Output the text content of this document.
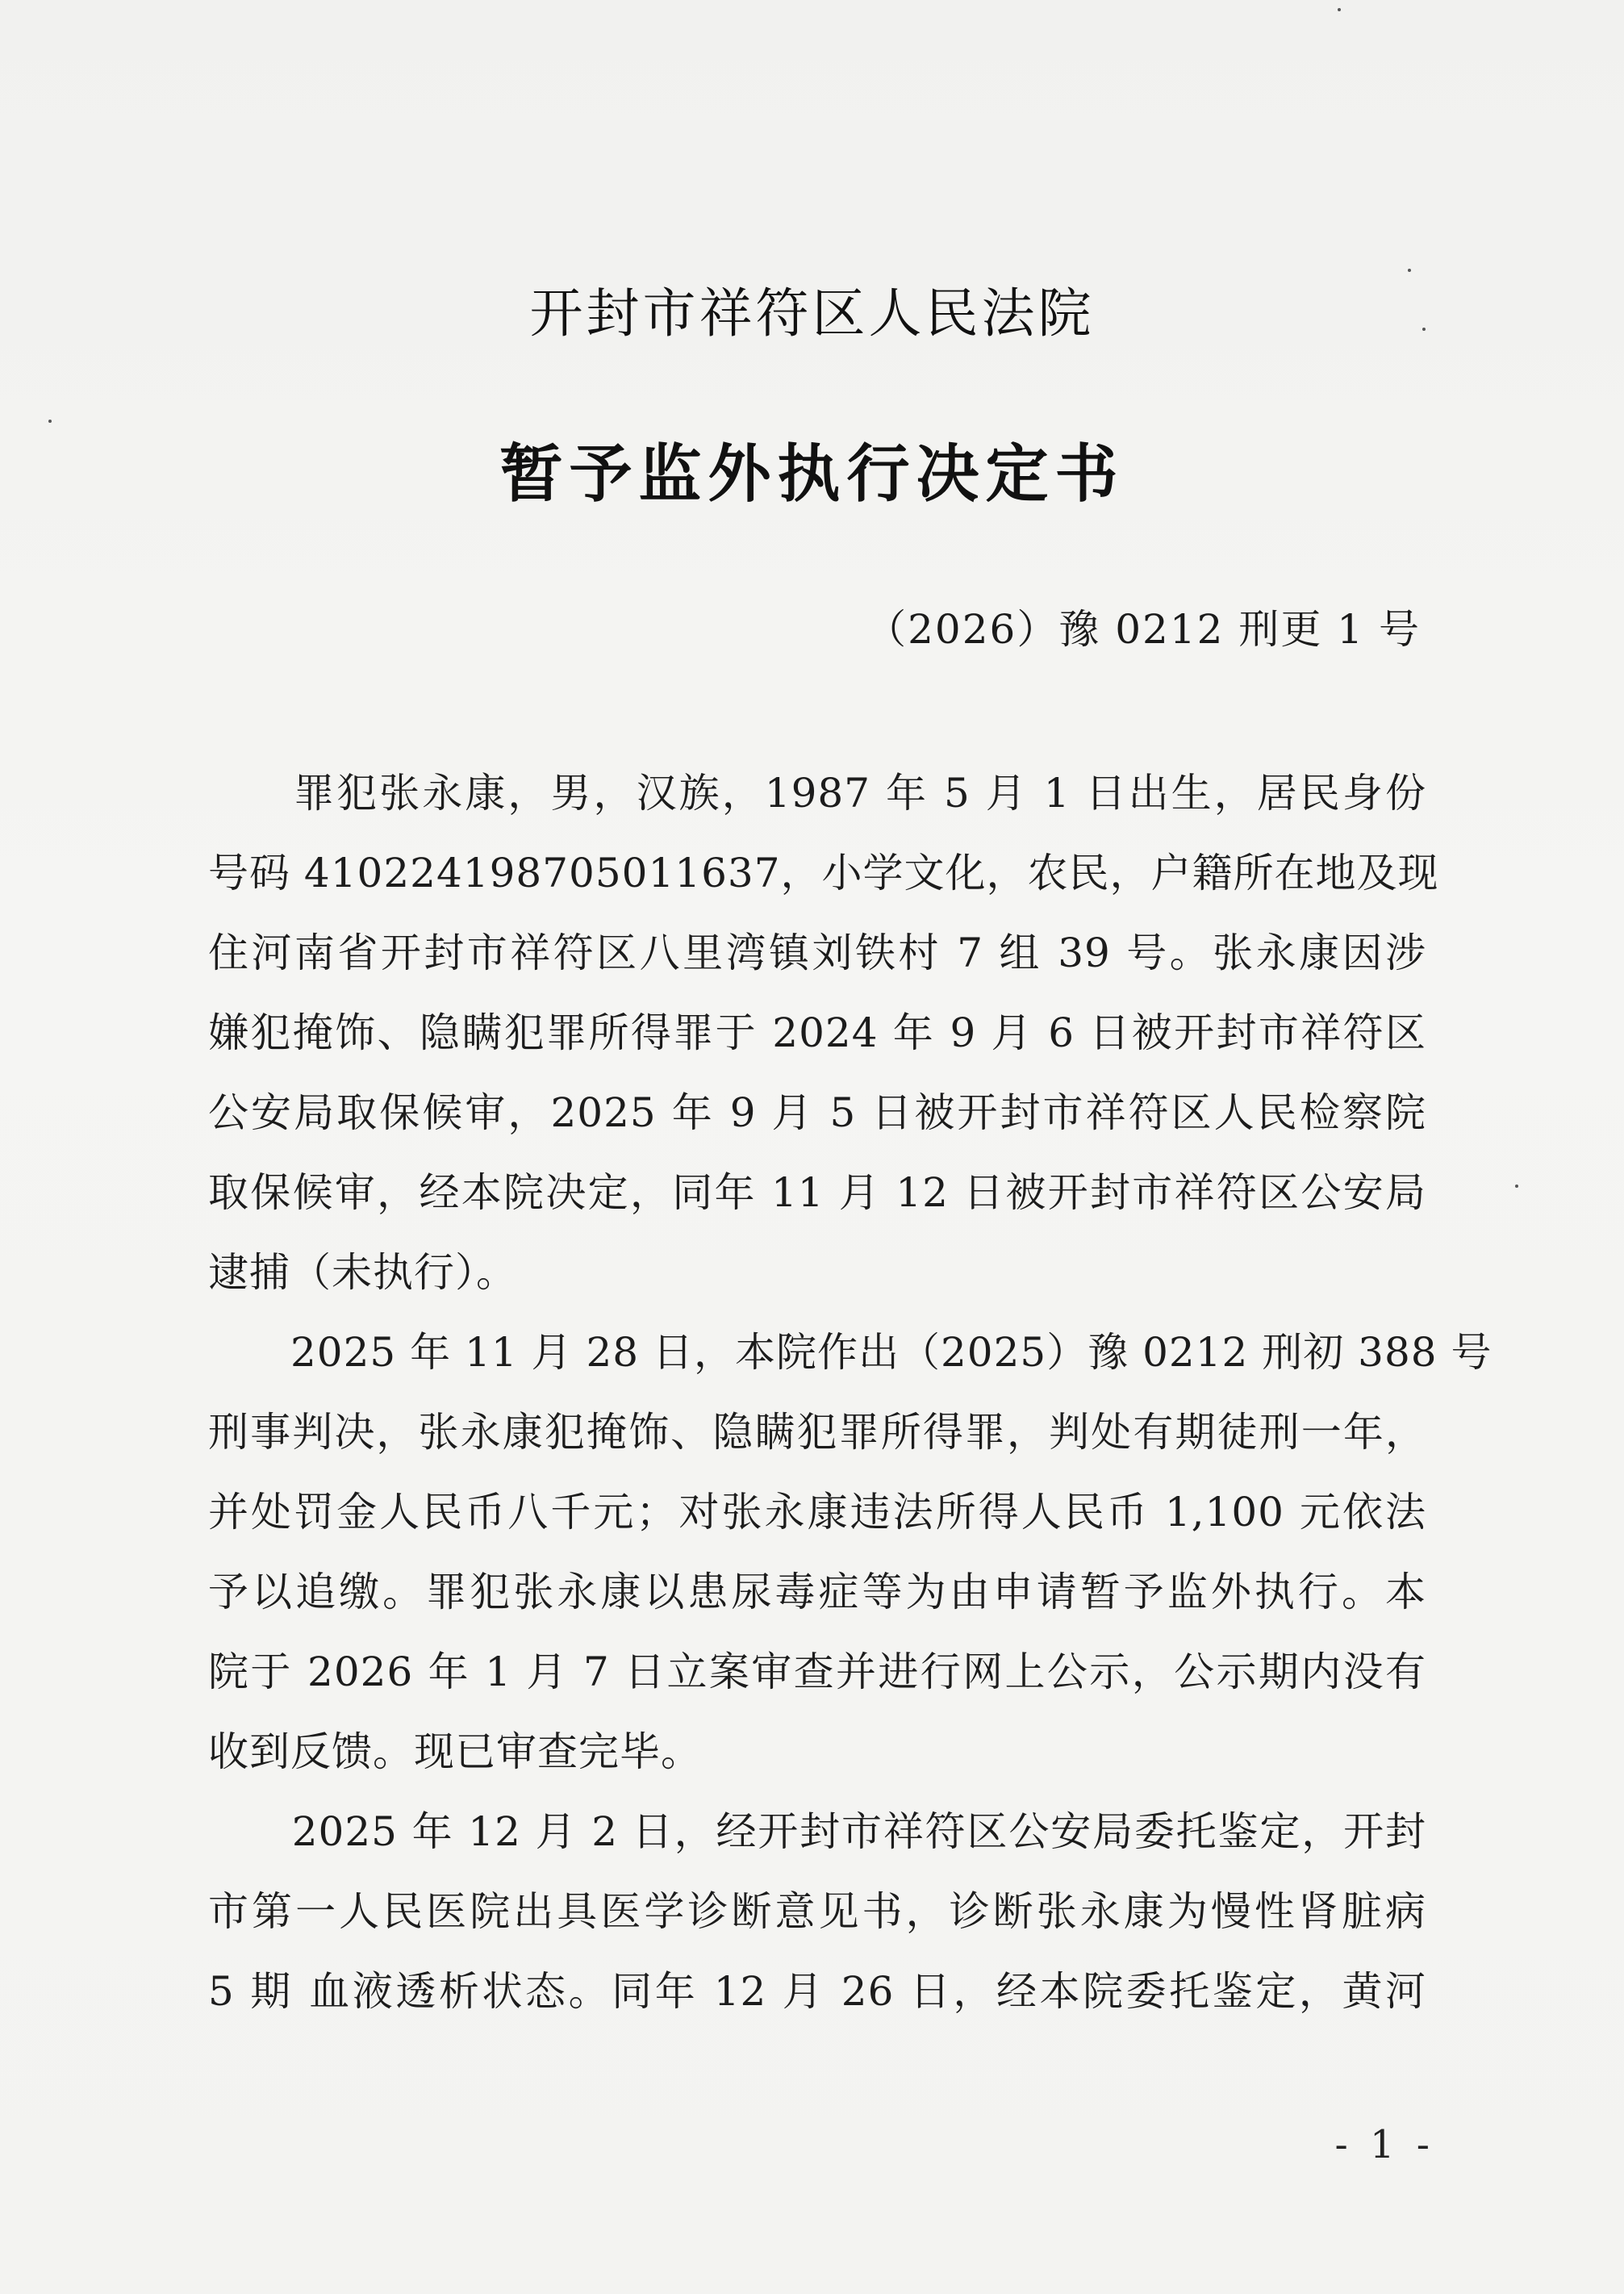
开封市祥符区人民法院
暂予监外执行决定书
（2026）豫 0212 刑更 1 号
　　罪犯张永康，男，汉族，1987 年 5 月 1 日出生，居民身份
号码 410224198705011637，小学文化，农民，户籍所在地及现
住河南省开封市祥符区八里湾镇刘铁村 7 组 39 号。张永康因涉
嫌犯掩饰、隐瞒犯罪所得罪于 2024 年 9 月 6 日被开封市祥符区
公安局取保候审，2025 年 9 月 5 日被开封市祥符区人民检察院
取保候审，经本院决定，同年 11 月 12 日被开封市祥符区公安局
逮捕（未执行）。
　　2025 年 11 月 28 日，本院作出（2025）豫 0212 刑初 388 号
刑事判决，张永康犯掩饰、隐瞒犯罪所得罪，判处有期徒刑一年，
并处罚金人民币八千元；对张永康违法所得人民币 1,100 元依法
予以追缴。罪犯张永康以患尿毒症等为由申请暂予监外执行。本
院于 2026 年 1 月 7 日立案审查并进行网上公示，公示期内没有
收到反馈。现已审查完毕。
　　2025 年 12 月 2 日，经开封市祥符区公安局委托鉴定，开封
市第一人民医院出具医学诊断意见书，诊断张永康为慢性肾脏病
5 期 血液透析状态。同年 12 月 26 日，经本院委托鉴定，黄河
- 1 -
